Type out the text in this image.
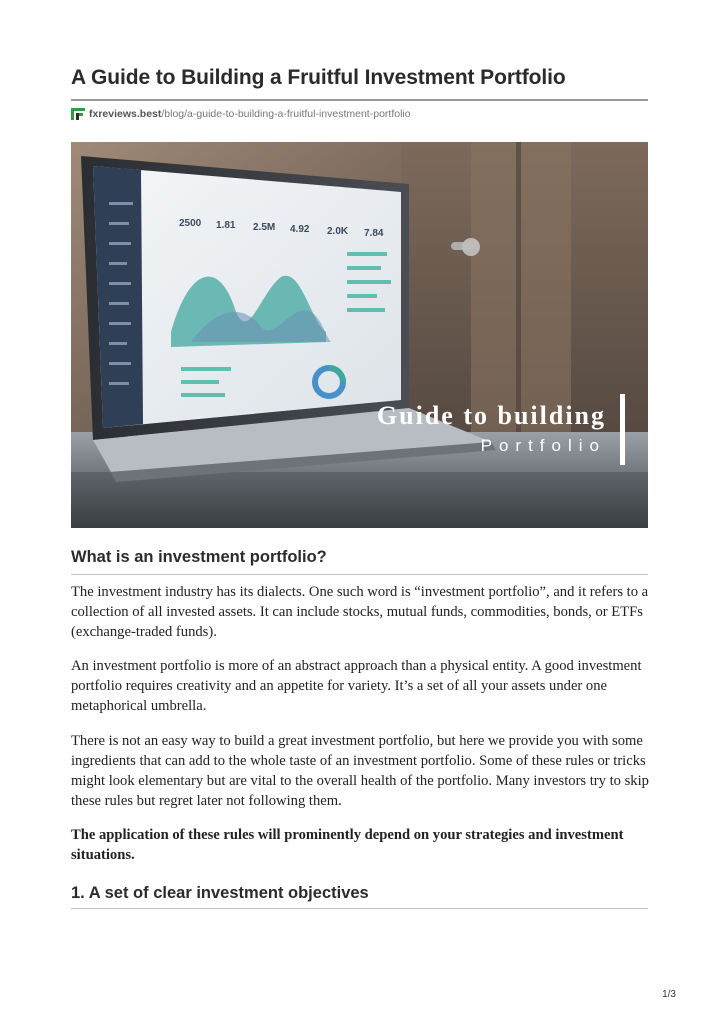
A Guide to Building a Fruitful Investment Portfolio
fxreviews.best /blog/a-guide-to-building-a-fruitful-investment-portfolio
2500 1.81 2.5M 4.92 2.0K 7.84
Guide to building
Portfolio
What is an investment portfolio?

The investment industry has its dialects. One such word is “investment portfolio”, and it refers to a collection of all invested assets. It can include stocks, mutual funds, commodities, bonds, or ETFs (exchange-traded funds).

An investment portfolio is more of an abstract approach than a physical entity. A good investment portfolio requires creativity and an appetite for variety. It’s a set of all your assets under one metaphorical umbrella.

There is not an easy way to build a great investment portfolio, but here we provide you with some ingredients that can add to the whole taste of an investment portfolio. Some of these rules or tricks might look elementary but are vital to the overall health of the portfolio. Many investors try to skip these rules but regret later not following them.

The application of these rules will prominently depend on your strategies and investment situations.

1. A set of clear investment objectives
1/3
